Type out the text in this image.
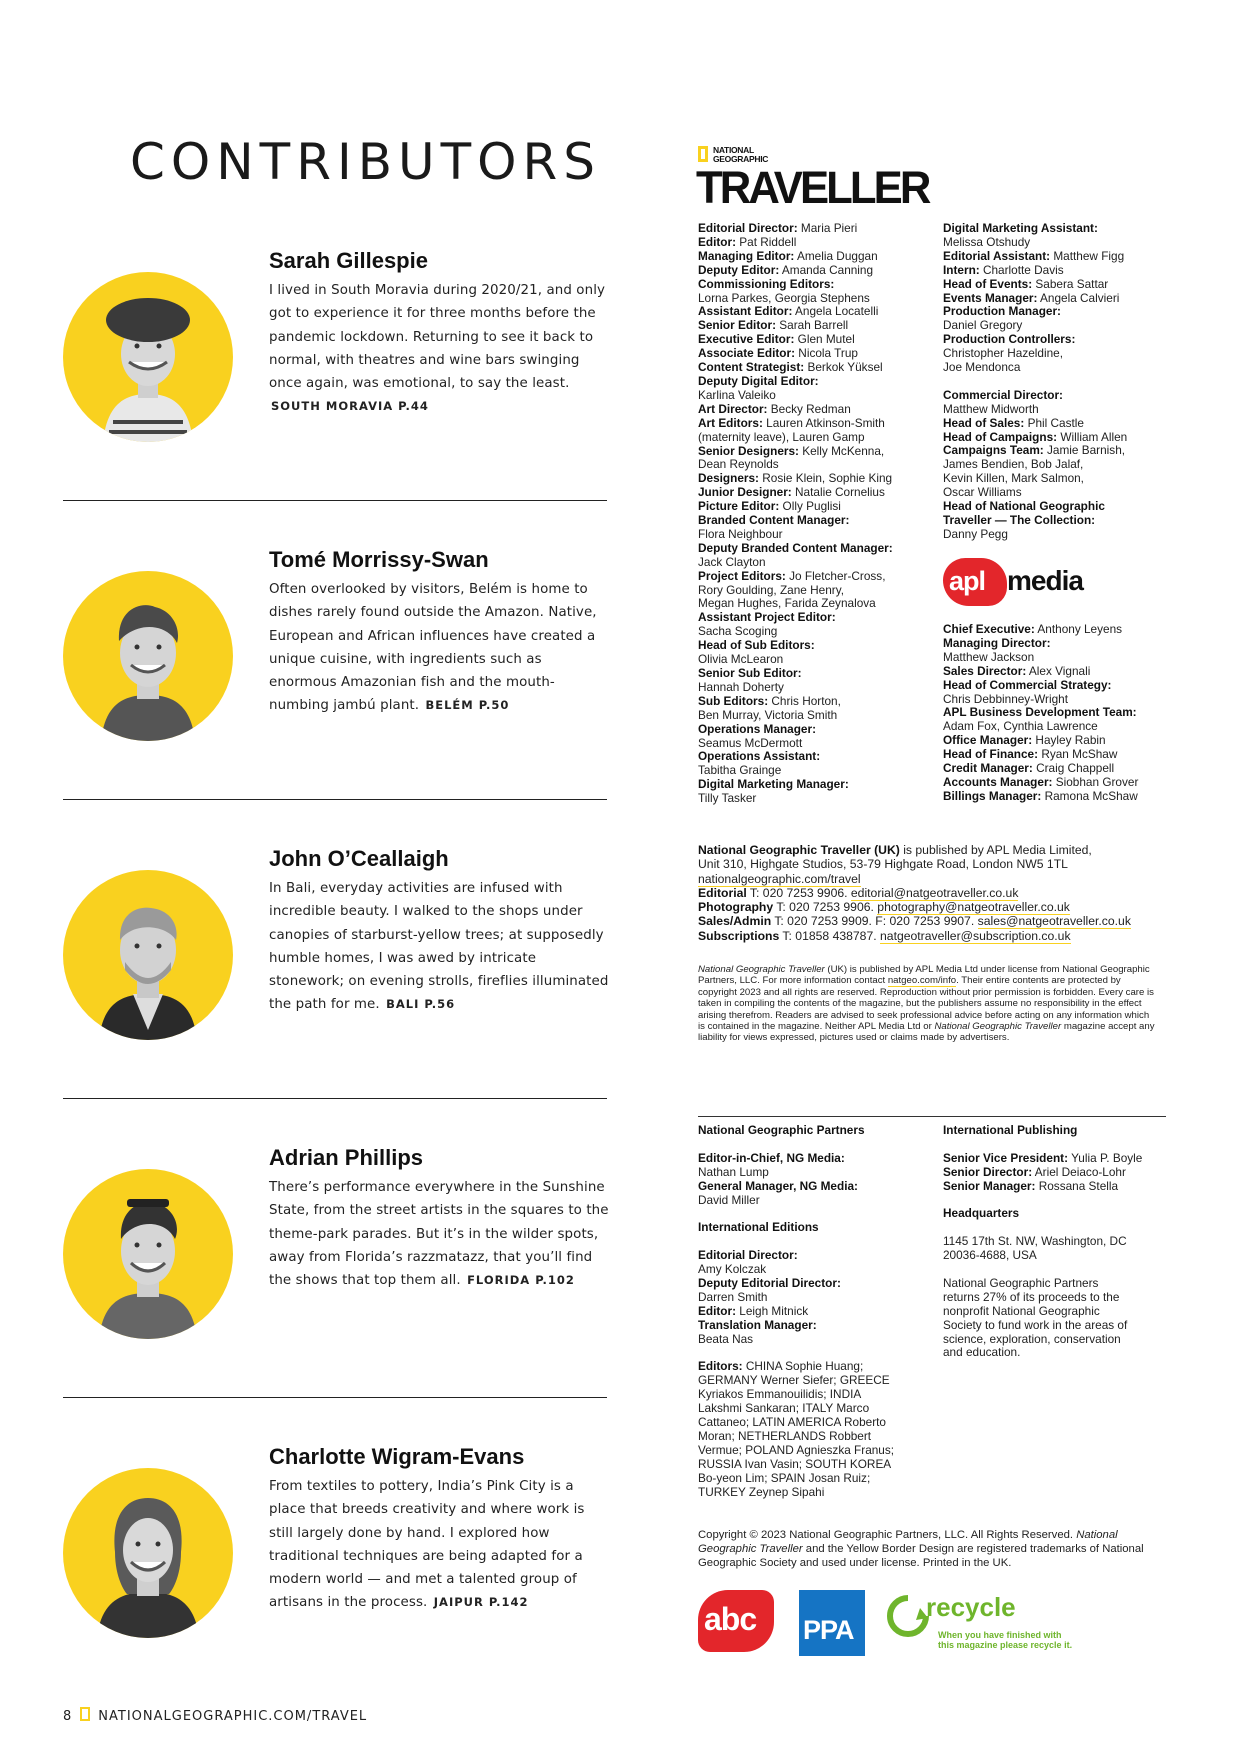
CONTRIBUTORS
Sarah Gillespie

I lived in South Moravia during 2020/21, and only got to experience it for three months before the pandemic lockdown. Returning to see it back to normal, with theatres and wine bars swinging once again, was emotional, to say the least. SOUTH MORAVIA P.44

Tomé Morrissy-Swan

Often overlooked by visitors, Belém is home to dishes rarely found outside the Amazon. Native, European and African influences have created a unique cuisine, with ingredients such as enormous Amazonian fish and the mouth-numbing jambú plant. BELÉM P.50

John O’Ceallaigh

In Bali, everyday activities are infused with incredible beauty. I walked to the shops under canopies of starburst-yellow trees; at supposedly humble homes, I was awed by intricate stonework; on evening strolls, fireflies illuminated the path for me. BALI P.56

Adrian Phillips

There’s performance everywhere in the Sunshine State, from the street artists in the squares to the theme-park parades. But it’s in the wilder spots, away from Florida’s razzmatazz, that you’ll find the shows that top them all. FLORIDA P.102

Charlotte Wigram-Evans

From textiles to pottery, India’s Pink City is a place that breeds creativity and where work is still largely done by hand. I explored how traditional techniques are being adapted for a modern world — and met a talented group of artisans in the process. JAIPUR P.142

NATIONAL
GEOGRAPHIC
TRAVELLER

Editorial Director: Maria Pieri

Editor: Pat Riddell

Managing Editor: Amelia Duggan

Deputy Editor: Amanda Canning

Commissioning Editors:

Lorna Parkes, Georgia Stephens

Assistant Editor: Angela Locatelli

Senior Editor: Sarah Barrell

Executive Editor: Glen Mutel

Associate Editor: Nicola Trup

Content Strategist: Berkok Yüksel

Deputy Digital Editor:

Karlina Valeiko

Art Director: Becky Redman

Art Editors: Lauren Atkinson-Smith

(maternity leave), Lauren Gamp

Senior Designers: Kelly McKenna,

Dean Reynolds

Designers: Rosie Klein, Sophie King

Junior Designer: Natalie Cornelius

Picture Editor: Olly Puglisi

Branded Content Manager:

Flora Neighbour

Deputy Branded Content Manager:

Jack Clayton

Project Editors: Jo Fletcher-Cross,

Rory Goulding, Zane Henry,

Megan Hughes, Farida Zeynalova

Assistant Project Editor:

Sacha Scoging

Head of Sub Editors:

Olivia McLearon

Senior Sub Editor:

Hannah Doherty

Sub Editors: Chris Horton,

Ben Murray, Victoria Smith

Operations Manager:

Seamus McDermott

Operations Assistant:

Tabitha Grainge

Digital Marketing Manager:

Tilly Tasker

Digital Marketing Assistant:

Melissa Otshudy

Editorial Assistant: Matthew Figg

Intern: Charlotte Davis

Head of Events: Sabera Sattar

Events Manager: Angela Calvieri

Production Manager:

Daniel Gregory

Production Controllers:

Christopher Hazeldine,

Joe Mendonca

Commercial Director:

Matthew Midworth

Head of Sales: Phil Castle

Head of Campaigns: William Allen

Campaigns Team: Jamie Barnish,

James Bendien, Bob Jalaf,

Kevin Killen, Mark Salmon,

Oscar Williams

Head of National Geographic

Traveller — The Collection:

Danny Pegg

apl media

Chief Executive: Anthony Leyens

Managing Director:

Matthew Jackson

Sales Director: Alex Vignali

Head of Commercial Strategy:

Chris Debbinney-Wright

APL Business Development Team:

Adam Fox, Cynthia Lawrence

Office Manager: Hayley Rabin

Head of Finance: Ryan McShaw

Credit Manager: Craig Chappell

Accounts Manager: Siobhan Grover

Billings Manager: Ramona McShaw

National Geographic Traveller (UK) is published by APL Media Limited,

Unit 310, Highgate Studios, 53-79 Highgate Road, London NW5 1TL

nationalgeographic.com/travel

Editorial T: 020 7253 9906. editorial@natgeotraveller.co.uk

Photography T: 020 7253 9906. photography@natgeotraveller.co.uk

Sales/Admin T: 020 7253 9909. F: 020 7253 9907. sales@natgeotraveller.co.uk

Subscriptions T: 01858 438787. natgeotraveller@subscription.co.uk

National Geographic Traveller (UK) is published by APL Media Ltd under license from National Geographic Partners, LLC. For more information contact natgeo.com/info. Their entire contents are protected by copyright 2023 and all rights are reserved. Reproduction without prior permission is forbidden. Every care is taken in compiling the contents of the magazine, but the publishers assume no responsibility in the effect arising therefrom. Readers are advised to seek professional advice before acting on any information which is contained in the magazine. Neither APL Media Ltd or National Geographic Traveller magazine accept any liability for views expressed, pictures used or claims made by advertisers.

National Geographic Partners

Editor-in-Chief, NG Media:

Nathan Lump

General Manager, NG Media:

David Miller

International Editions

Editorial Director:

Amy Kolczak

Deputy Editorial Director:

Darren Smith

Editor: Leigh Mitnick

Translation Manager:

Beata Nas

Editors: CHINA Sophie Huang;

GERMANY Werner Siefer; GREECE

Kyriakos Emmanouilidis; INDIA

Lakshmi Sankaran; ITALY Marco

Cattaneo; LATIN AMERICA Roberto

Moran; NETHERLANDS Robbert

Vermue; POLAND Agnieszka Franus;

RUSSIA Ivan Vasin; SOUTH KOREA

Bo-yeon Lim; SPAIN Josan Ruiz;

TURKEY Zeynep Sipahi

International Publishing

Senior Vice President: Yulia P. Boyle

Senior Director: Ariel Deiaco-Lohr

Senior Manager: Rossana Stella

Headquarters

1145 17th St. NW, Washington, DC

20036-4688, USA

National Geographic Partners

returns 27% of its proceeds to the

nonprofit National Geographic

Society to fund work in the areas of

science, exploration, conservation

and education.

Copyright © 2023 National Geographic Partners, LLC. All Rights Reserved. National Geographic Traveller and the Yellow Border Design are registered trademarks of National Geographic Society and used under license. Printed in the UK.

abc PPA
recycle

When you have finished with this magazine please recycle it.

8 NATIONALGEOGRAPHIC.COM/TRAVEL
